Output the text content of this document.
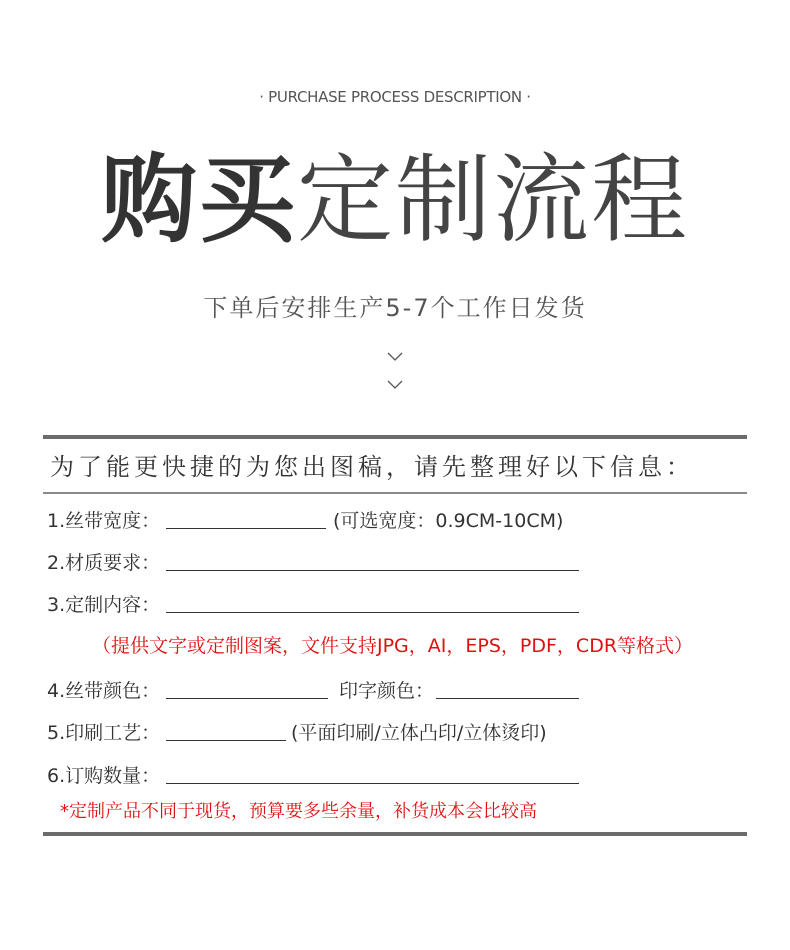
· PURCHASE PROCESS DESCRIPTION ·
购买定制流程
下单后安排生产5-7个工作日发货
为了能更快捷的为您出图稿，请先整理好以下信息：
1.丝带宽度：	(可选宽度：0.9CM-10CM)
2.材质要求：
3.定制内容：
（提供文字或定制图案，文件支持JPG，AI，EPS，PDF，CDR等格式）
4.丝带颜色：	印字颜色：
5.印刷工艺：	(平面印刷/立体凸印/立体烫印)
6.订购数量：
*定制产品不同于现货，预算要多些余量，补货成本会比较高
